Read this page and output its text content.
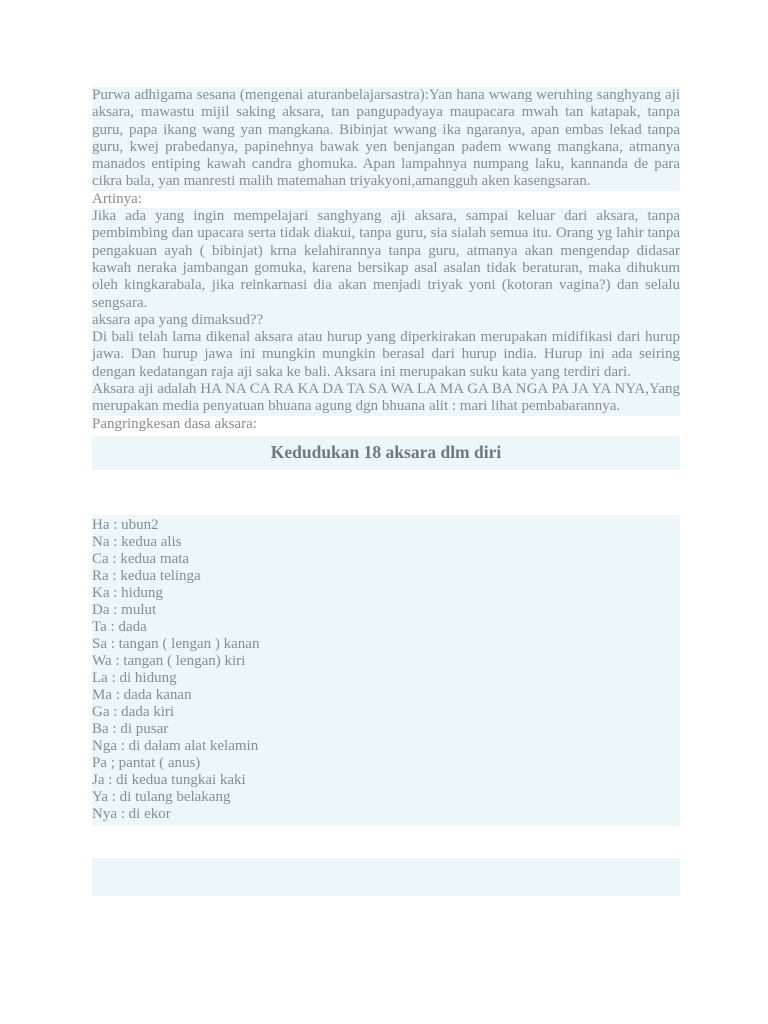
Purwa adhigama sesana (mengenai aturanbelajarsastra):Yan hana wwang weruhing sanghyang aji aksara, mawastu mijil saking aksara, tan pangupadyaya maupacara mwah tan katapak, tanpa guru, papa ikang wang yan mangkana. Bibinjat wwang ika ngaranya, apan embas lekad tanpa guru, kwej prabedanya, papinehnya bawak yen benjangan padem wwang mangkana, atmanya manados entiping kawah candra ghomuka. Apan lampahnya numpang laku, kannanda de para cikra bala, yan manresti malih matemahan triyakyoni,amangguh aken kasengsaran.

Artinya:

Jika ada yang ingin mempelajari sanghyang aji aksara, sampai keluar dari aksara, tanpa pembimbing dan upacara serta tidak diakui, tanpa guru, sia sialah semua itu. Orang yg lahir tanpa pengakuan ayah ( bibinjat) krna kelahirannya tanpa guru, atmanya akan mengendap didasar kawah neraka jambangan gomuka, karena bersikap asal asalan tidak beraturan, maka dihukum oleh kingkarabala, jika reinkarnasi dia akan menjadi triyak yoni (kotoran vagina?) dan selalu sengsara.

aksara apa yang dimaksud??

Di bali telah lama dikenal aksara atau hurup yang diperkirakan merupakan midifikasi dari hurup jawa. Dan hurup jawa ini mungkin mungkin berasal dari hurup india. Hurup ini ada seiring dengan kedatangan raja aji saka ke bali. Aksara ini merupakan suku kata yang terdiri dari.

Aksara aji adalah HA NA CA RA KA DA TA SA WA LA MA GA BA NGA PA JA YA NYA,Yang merupakan media penyatuan bhuana agung dgn bhuana alit : mari lihat pembabarannya.

Pangringkesan dasa aksara:

Kedudukan 18 aksara dlm diri
Ha : ubun2
Na : kedua alis
Ca : kedua mata
Ra : kedua telinga
Ka : hidung
Da : mulut
Ta : dada
Sa : tangan ( lengan ) kanan
Wa : tangan ( lengan) kiri
La : di hidung
Ma : dada kanan
Ga : dada kiri
Ba : di pusar
Nga : di dalam alat kelamin
Pa ; pantat ( anus)
Ja : di kedua tungkai kaki
Ya : di tulang belakang
Nya : di ekor
